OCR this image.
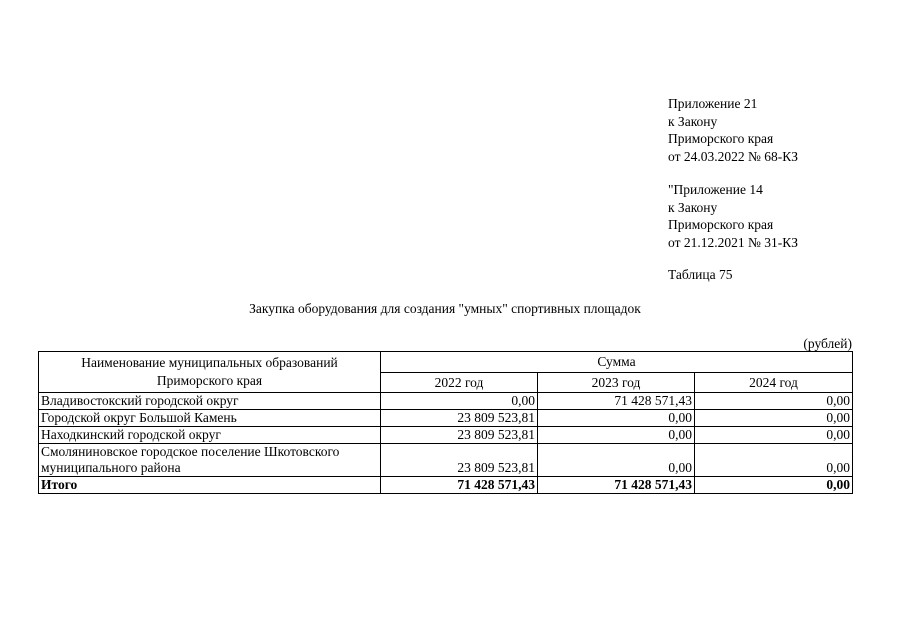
Приложение 21
к Закону
Приморского края
от 24.03.2022 № 68-КЗ
"Приложение 14
к Закону
Приморского края
от 21.12.2021 № 31-КЗ
Таблица 75
Закупка оборудования для создания "умных" спортивных площадок
(рублей)
Наименование муниципальных образований Приморского края	Сумма		
	2022 год	2023 год	2024 год
Владивостокский городской округ	0,00	71 428 571,43	0,00
Городской округ Большой Камень	23 809 523,81	0,00	0,00
Находкинский городской округ	23 809 523,81	0,00	0,00
Смоляниновское городское поселение Шкотовского муниципального района	23 809 523,81	0,00	0,00
Итого	71 428 571,43	71 428 571,43	0,00
